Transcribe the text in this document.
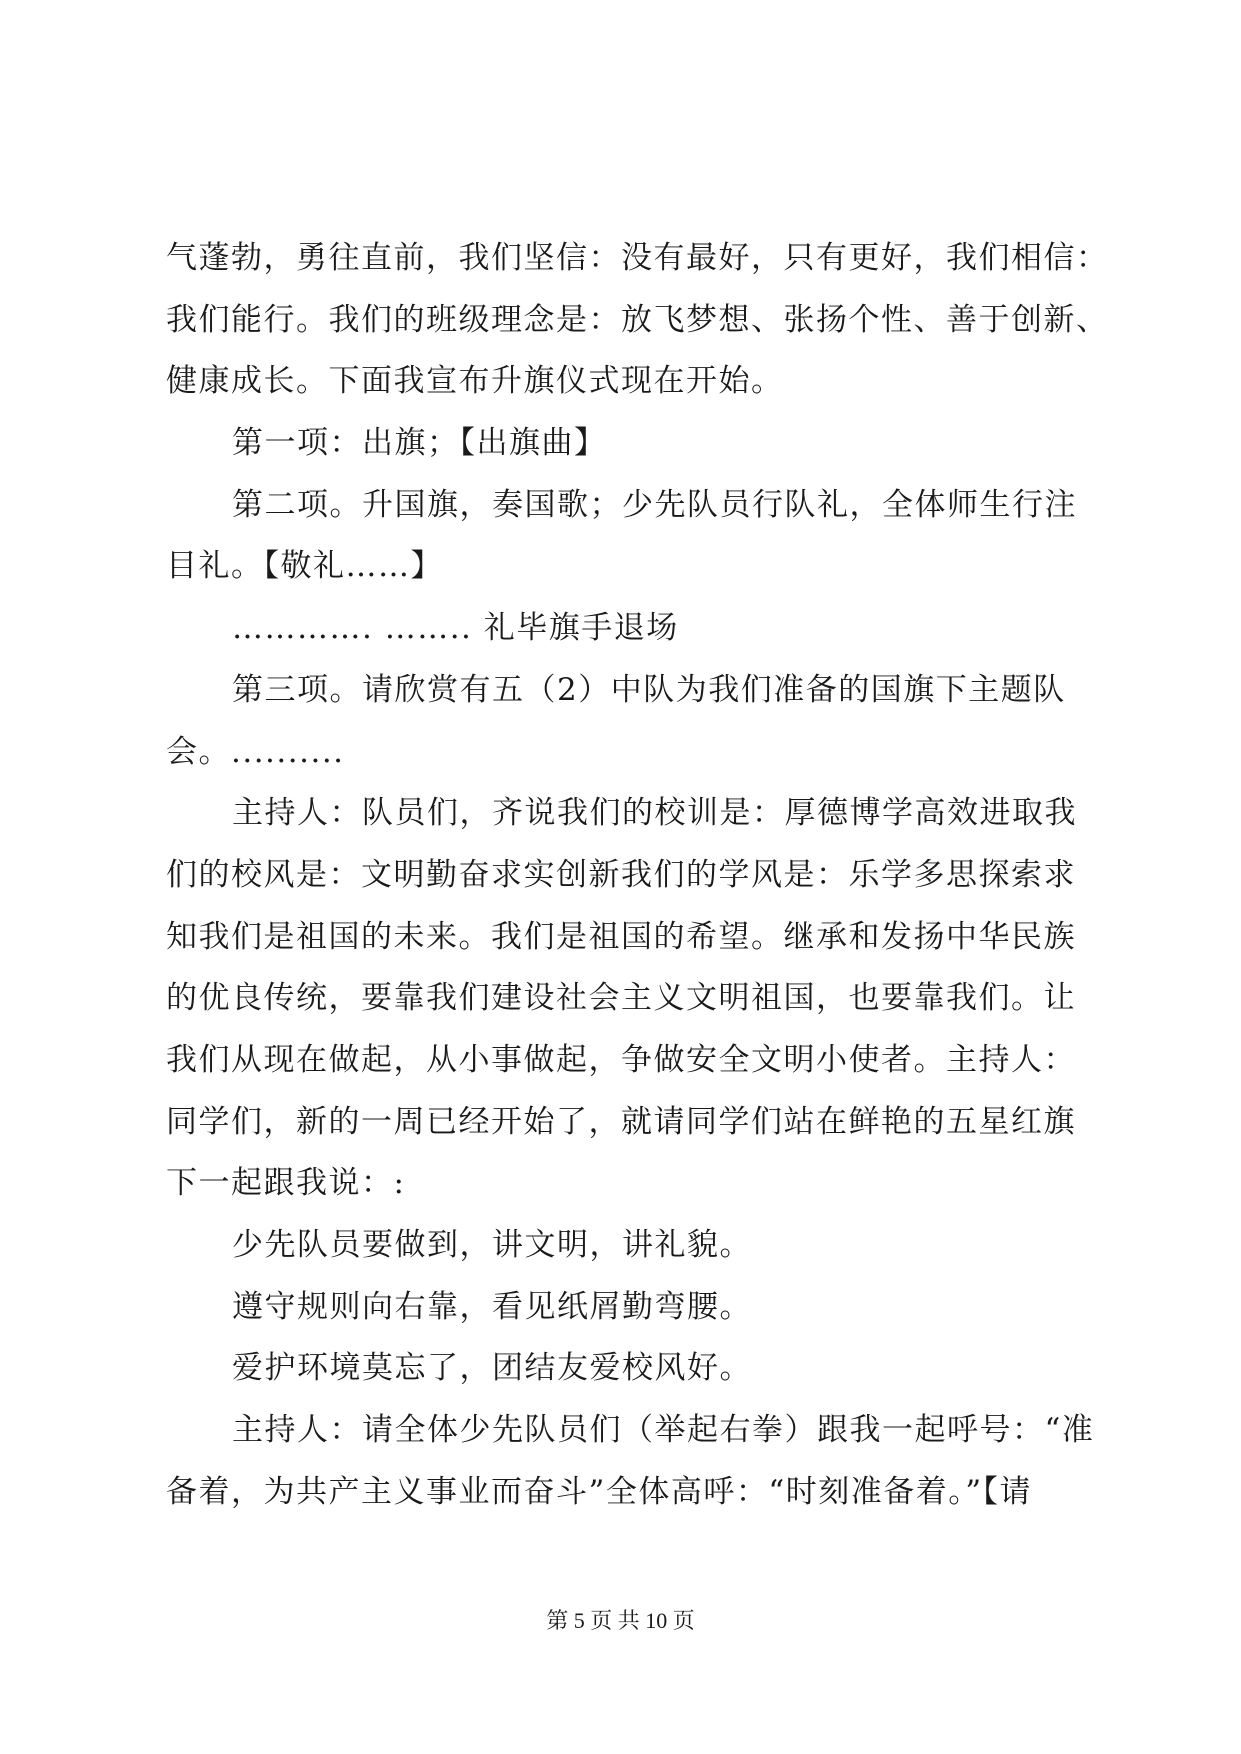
气蓬勃，勇往直前，我们坚信：没有最好，只有更好，我们相信：
我们能行。我们的班级理念是：放飞梦想、张扬个性、善于创新、
健康成长。下面我宣布升旗仪式现在开始。
第一项：出旗；【出旗曲】
第二项。升国旗，奏国歌；少先队员行队礼，全体师生行注
目礼。【敬礼……】
…………. …….. 礼毕旗手退场
第三项。请欣赏有五（2）中队为我们准备的国旗下主题队
会。..........
主持人：队员们，齐说我们的校训是：厚德博学高效进取我
们的校风是：文明勤奋求实创新我们的学风是：乐学多思探索求
知我们是祖国的未来。我们是祖国的希望。继承和发扬中华民族
的优良传统，要靠我们建设社会主义文明祖国，也要靠我们。让
我们从现在做起，从小事做起，争做安全文明小使者。主持人：
同学们，新的一周已经开始了，就请同学们站在鲜艳的五星红旗
下一起跟我说：:
少先队员要做到，讲文明，讲礼貌。
遵守规则向右靠，看见纸屑勤弯腰。
爱护环境莫忘了，团结友爱校风好。
主持人：请全体少先队员们（举起右拳）跟我一起呼号：“准
备着，为共产主义事业而奋斗”全体高呼：“时刻准备着。”【请
第 5 页 共 10 页
